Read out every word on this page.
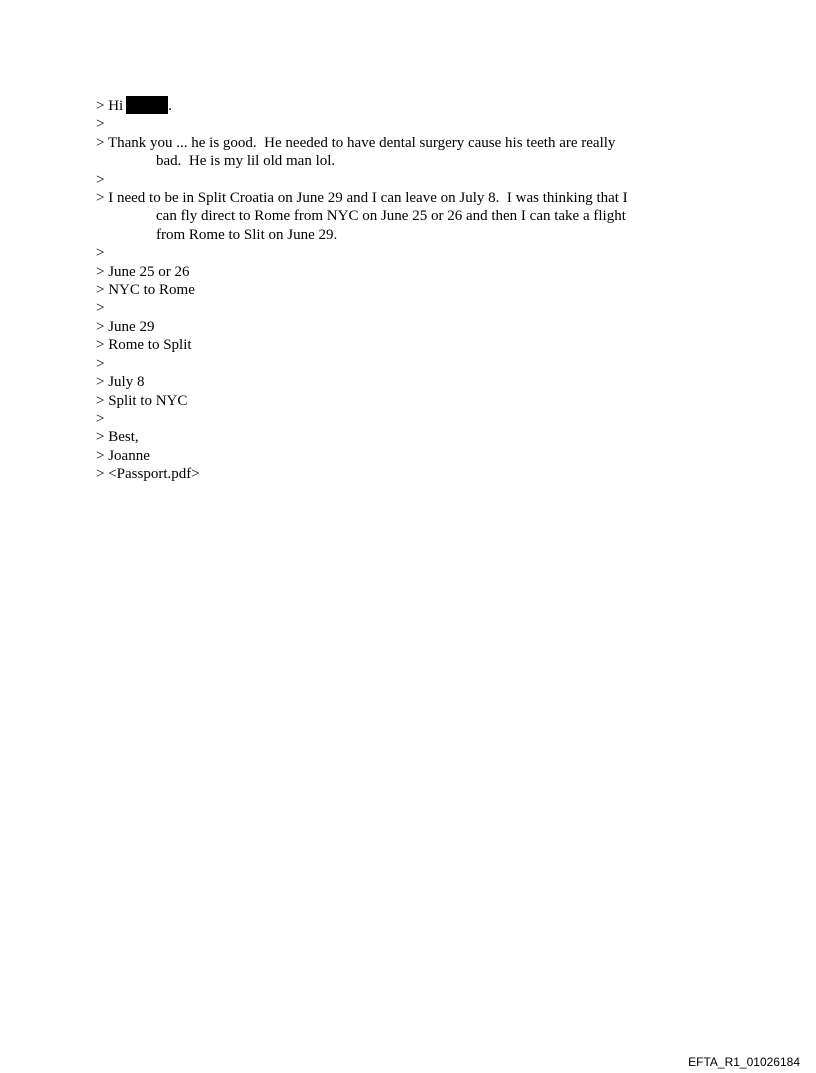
> Hi	.
>
> Thank you ... he is good.  He needed to have dental surgery cause his teeth are really
bad.  He is my lil old man lol.
>
> I need to be in Split Croatia on June 29 and I can leave on July 8.  I was thinking that I
can fly direct to Rome from NYC on June 25 or 26 and then I can take a flight
from Rome to Slit on June 29.
>
> June 25 or 26
> NYC to Rome
>
> June 29
> Rome to Split
>
> July 8
> Split to NYC
>
> Best,
> Joanne
> <Passport.pdf>
EFTA_R1_01026184
